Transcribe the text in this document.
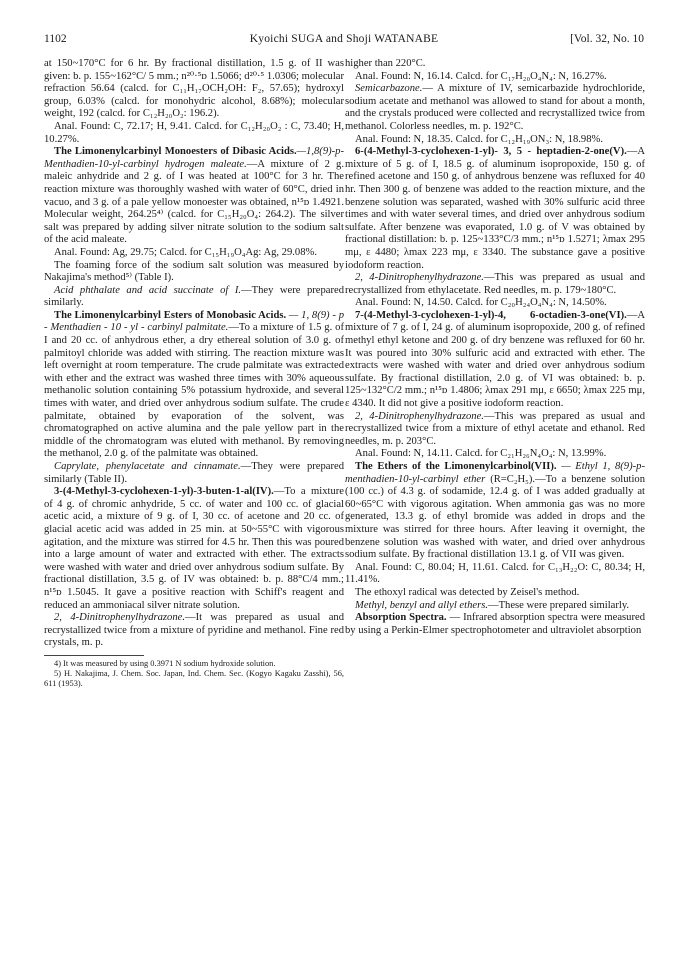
1102	Kyoichi SUGA and Shoji WATANABE	[Vol. 32, No. 10

at 150~170°C for 6 hr. By fractional distillation, 1.5 g. of II was given: b. p. 155~162°C/ 5 mm.; n²⁰·⁵ᴅ 1.5066; d²⁰·⁵ 1.0306; molecular refraction 56.64 (calcd. for C₁₁H₁₇OCH₂OH: F₂, 57.65); hydroxyl group, 6.03% (calcd. for monohydric alcohol, 8.68%); molecular weight, 192 (calcd. for C₁₂H₂₀O₂: 196.2).

Anal. Found: C, 72.17; H, 9.41. Calcd. for C₁₂H₂₀O₂ : C, 73.40; H, 10.27%.

The Limonenylcarbinyl Monoesters of Dibasic Acids.—1,8(9)-p-Menthadien-10-yl-carbinyl hydrogen maleate.—A mixture of 2 g. maleic anhydride and 2 g. of I was heated at 100°C for 3 hr. The reaction mixture was thoroughly washed with water of 60°C, dried in vacuo, and 3 g. of a pale yellow monoester was obtained, n¹⁵ᴅ 1.4921. Molecular weight, 264.25⁴⁾ (calcd. for C₁₅H₂₀O₄: 264.2). The silver salt was prepared by adding silver nitrate solution to the sodium salt of the acid maleate.

Anal. Found: Ag, 29.75; Calcd. for C₁₅H₁₉O₄Ag: Ag, 29.08%.

The foaming force of the sodium salt solution was measured by Nakajima's method⁵⁾ (Table I).

Acid phthalate and acid succinate of I.—They were prepared similarly.

The Limonenylcarbinyl Esters of Monobasic Acids. — 1, 8(9) - p - Menthadien - 10 - yl - carbinyl palmitate.—To a mixture of 1.5 g. of I and 20 cc. of anhydrous ether, a dry ethereal solution of 3.0 g. of palmitoyl chloride was added with stirring. The reaction mixture was left overnight at room temperature. The crude palmitate was extracted with ether and the extract was washed three times with 30% aqueous methanolic solution containing 5% potassium hydroxide, and several times with water, and dried over anhydrous sodium sulfate. The crude palmitate, obtained by evaporation of the solvent, was chromatographed on active alumina and the pale yellow part in the middle of the chromatogram was eluted with methanol. By removing the methanol, 2.0 g. of the palmitate was obtained.

Caprylate, phenylacetate and cinnamate.—They were prepared similarly (Table II).

3-(4-Methyl-3-cyclohexen-1-yl)-3-buten-1-al(IV).—To a mixture of 4 g. of chromic anhydride, 5 cc. of water and 100 cc. of glacial acetic acid, a mixture of 9 g. of I, 30 cc. of acetone and 20 cc. of glacial acetic acid was added in 25 min. at 50~55°C with vigorous agitation, and the mixture was stirred for 4.5 hr. Then this was poured into a large amount of water and extracted with ether. The extracts were washed with water and dried over anhydrous sodium sulfate. By fractional distillation, 3.5 g. of IV was obtained: b. p. 88°C/4 mm.; n¹⁵ᴅ 1.5045. It gave a positive reaction with Schiff's reagent and reduced an ammoniacal silver nitrate solution.

2, 4-Dinitrophenylhydrazone.—It was prepared as usual and recrystallized twice from a mixture of pyridine and methanol. Fine red crystals, m. p.

4) It was measured by using 0.3971 N sodium hydroxide solution.

5) H. Nakajima, J. Chem. Soc. Japan, Ind. Chem. Sec. (Kogyo Kagaku Zasshi), 56, 611 (1953).

higher than 220°C.

Anal. Found: N, 16.14. Calcd. for C₁₇H₂₀O₄N₄: N, 16.27%.

Semicarbazone.— A mixture of IV, semicarbazide hydrochloride, sodium acetate and methanol was allowed to stand for about a month, and the crystals produced were collected and recrystallized twice from methanol. Colorless needles, m. p. 192°C.

Anal. Found: N, 18.35. Calcd. for C₁₂H₁₉ON₃: N, 18.98%.

6-(4-Methyl-3-cyclohexen-1-yl)- 3, 5 - heptadien-2-one(V).—A mixture of 5 g. of I, 18.5 g. of aluminum isopropoxide, 150 g. of refined acetone and 150 g. of anhydrous benzene was refluxed for 40 hr. Then 300 g. of benzene was added to the reaction mixture, and the benzene solution was separated, washed with 30% sulfuric acid three times and with water several times, and dried over anhydrous sodium sulfate. After benzene was evaporated, 1.0 g. of V was obtained by fractional distillation: b. p. 125~133°C/3 mm.; n¹⁵ᴅ 1.5271; λmax 295 mμ, ε 4480; λmax 223 mμ, ε 3340. The substance gave a positive iodoform reaction.

2, 4-Dinitrophenylhydrazone.—This was prepared as usual and recrystallized from ethylacetate. Red needles, m. p. 179~180°C.

Anal. Found: N, 14.50. Calcd. for C₂₀H₂₄O₄N₄: N, 14.50%.

7-(4-Methyl-3-cyclohexen-1-yl)-4, 6-octadien-3-one(VI).—A mixture of 7 g. of I, 24 g. of aluminum isopropoxide, 200 g. of refined methyl ethyl ketone and 200 g. of dry benzene was refluxed for 60 hr. It was poured into 30% sulfuric acid and extracted with ether. The extracts were washed with water and dried over anhydrous sodium sulfate. By fractional distillation, 2.0 g. of VI was obtained: b. p. 125~132°C/2 mm.; n¹⁵ᴅ 1.4806; λmax 291 mμ, ε 6650; λmax 225 mμ, ε 4340. It did not give a positive iodoform reaction.

2, 4-Dinitrophenylhydrazone.—This was prepared as usual and recrystallized twice from a mixture of ethyl acetate and ethanol. Red needles, m. p. 203°C.

Anal. Found: N, 14.11. Calcd. for C₂₁H₂₆N₄O₄: N, 13.99%.

The Ethers of the Limonenylcarbinol(VII). — Ethyl 1, 8(9)-p-menthadien-10-yl-carbinyl ether (R=C₂H₅).—To a benzene solution (100 cc.) of 4.3 g. of sodamide, 12.4 g. of I was added gradually at 60~65°C with vigorous agitation. When ammonia gas was no more generated, 13.3 g. of ethyl bromide was added in drops and the mixture was stirred for three hours. After leaving it overnight, the benzene solution was washed with water, and dried over anhydrous sodium sulfate. By fractional distillation 13.1 g. of VII was given.

Anal. Found: C, 80.04; H, 11.61. Calcd. for C₁₃H₂₂O: C, 80.34; H, 11.41%.

The ethoxyl radical was detected by Zeisel's method.

Methyl, benzyl and allyl ethers.—These were prepared similarly.

Absorption Spectra. — Infrared absorption spectra were measured by using a Perkin-Elmer spectrophotometer and ultraviolet absorption
